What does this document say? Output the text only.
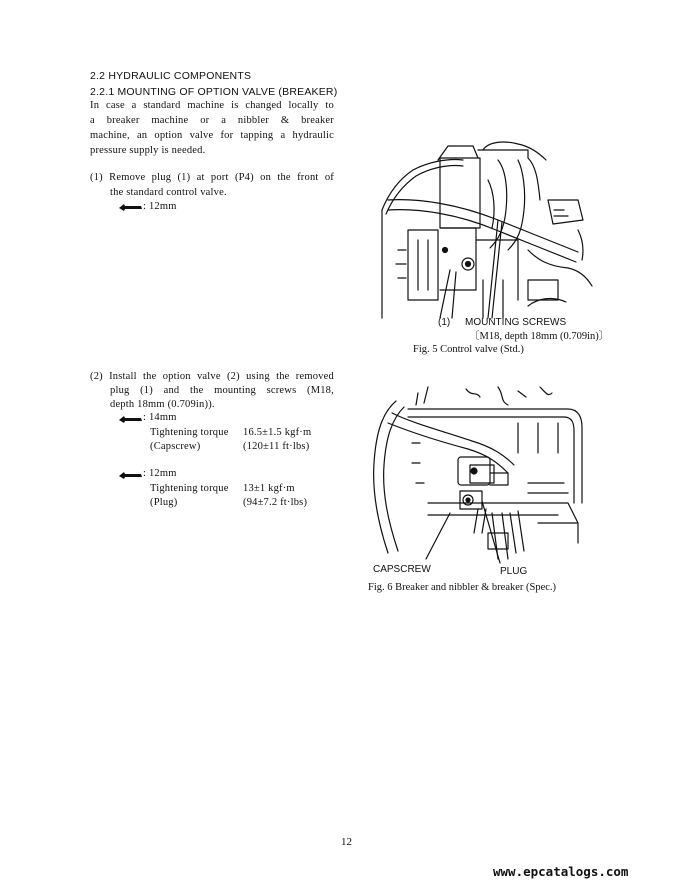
2.2 HYDRAULIC COMPONENTS
2.2.1 MOUNTING OF OPTION VALVE (BREAKER)
In case a standard machine is changed locally to
a breaker machine or a nibbler & breaker
machine, an option valve for tapping a hydraulic
pressure supply is needed.
(1) Remove plug (1) at port (P4) on the front of
the standard control valve.
: 12mm
(2) Install the option valve (2) using the removed
plug (1) and the mounting screws (M18,
depth 18mm (0.709in)).
: 14mm
Tightening torque 16.5±1.5 kgf·m
(Capscrew)	(120±11 ft·lbs)
: 12mm
Tightening torque 13±1 kgf·m
(Plug)	(94±7.2 ft·lbs)
(1) MOUNTING SCREWS
〔M18, depth 18mm (0.709in)〕
Fig. 5 Control valve (Std.)
CAPSCREW	PLUG
Fig. 6 Breaker and nibbler & breaker (Spec.)
12
www.epcatalogs.com
